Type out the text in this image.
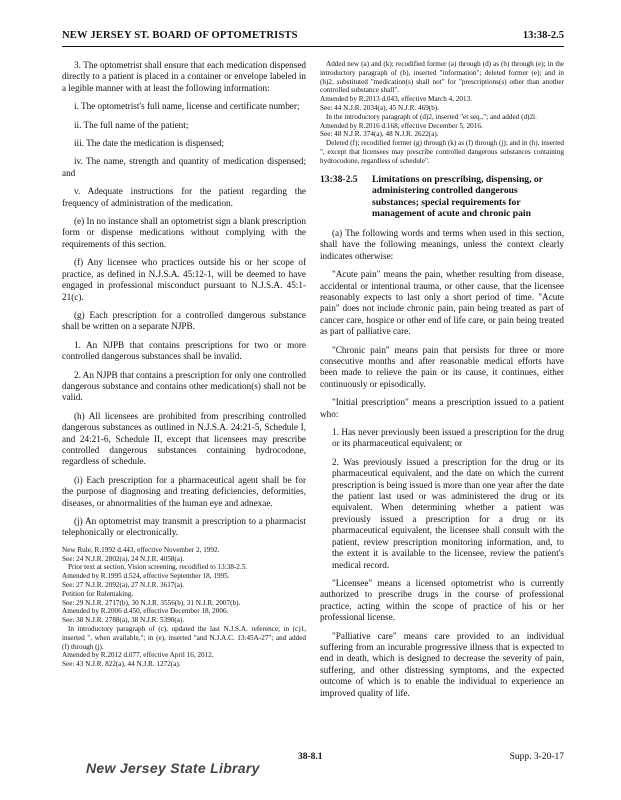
NEW JERSEY ST. BOARD OF OPTOMETRISTS	13:38-2.5

3. The optometrist shall ensure that each medication dispensed directly to a patient is placed in a container or envelope labeled in a legible manner with at least the following information:

i. The optometrist's full name, license and certificate number;

ii. The full name of the patient;

iii. The date the medication is dispensed;

iv. The name, strength and quantity of medication dispensed; and

v. Adequate instructions for the patient regarding the frequency of administration of the medication.

(e) In no instance shall an optometrist sign a blank prescription form or dispense medications without complying with the requirements of this section.

(f) Any licensee who practices outside his or her scope of practice, as defined in N.J.S.A. 45:12-1, will be deemed to have engaged in professional misconduct pursuant to N.J.S.A. 45:1-21(c).

(g) Each prescription for a controlled dangerous substance shall be written on a separate NJPB.

1. An NJPB that contains prescriptions for two or more controlled dangerous substances shall be invalid.

2. An NJPB that contains a prescription for only one controlled dangerous substance and contains other medication(s) shall not be valid.

(h) All licensees are prohibited from prescribing controlled dangerous substances as outlined in N.J.S.A. 24:21-5, Schedule I, and 24:21-6, Schedule II, except that licensees may prescribe controlled dangerous substances containing hydrocodone, regardless of schedule.

(i) Each prescription for a pharmaceutical agent shall be for the purpose of diagnosing and treating deficiencies, deformities, diseases, or abnormalities of the human eye and adnexae.

(j) An optometrist may transmit a prescription to a pharmacist telephonically or electronically.

New Rule, R.1992 d.443, effective November 2, 1992.
See: 24 N.J.R. 2802(a), 24 N.J.R. 4058(a).
Prior text at section, Vision screening, recodified to 13:38-2.5.
Amended by R.1995 d.524, effective September 18, 1995.
See: 27 N.J.R. 2092(a), 27 N.J.R. 3617(a).
Petition for Rulemaking.
See: 29 N.J.R. 2717(b), 30 N.J.R. 3556(b), 31 N.J.R. 2007(b).
Amended by R.2006 d.450, effective December 18, 2006.
See: 38 N.J.R. 2788(a), 38 N.J.R. 5390(a).
In introductory paragraph of (c), updated the last N.J.S.A. reference; in (c)1, inserted ", when available,"; in (e), inserted "and N.J.A.C. 13:45A-27"; and added (f) through (j).
Amended by R.2012 d.077, effective April 16, 2012.
See: 43 N.J.R. 822(a), 44 N.J.R. 1272(a).
Added new (a) and (k); recodified former (a) through (d) as (b) through (e); in the introductory paragraph of (b), inserted "information"; deleted former (e); and in (h)2, substituted "medication(s) shall not" for "prescriptions(s) other than another controlled substance shall".
Amended by R.2013 d.043, effective March 4, 2013.
See: 44 N.J.R. 2034(a), 45 N.J.R. 469(b).
In the introductory paragraph of (d)2, inserted "et seq.,"; and added (d)2i.
Amended by R.2016 d.168, effective December 5, 2016.
See: 48 N.J.R. 374(a), 48 N.J.R. 2622(a).
Deleted (f); recodified former (g) through (k) as (f) through (j); and in (h), inserted ", except that licensees may prescribe controlled dangerous substances containing hydrocodone, regardless of schedule".
13:38-2.5	Limitations on prescribing, dispensing, or administering controlled dangerous substances; special requirements for management of acute and chronic pain

(a) The following words and terms when used in this section, shall have the following meanings, unless the context clearly indicates otherwise:

"Acute pain" means the pain, whether resulting from disease, accidental or intentional trauma, or other cause, that the licensee reasonably expects to last only a short period of time. "Acute pain" does not include chronic pain, pain being treated as part of cancer care, hospice or other end of life care, or pain being treated as part of palliative care.

"Chronic pain" means pain that persists for three or more consecutive months and after reasonable medical efforts have been made to relieve the pain or its cause, it continues, either continuously or episodically.

"Initial prescription" means a prescription issued to a patient who:

1. Has never previously been issued a prescription for the drug or its pharmaceutical equivalent; or

2. Was previously issued a prescription for the drug or its pharmaceutical equivalent, and the date on which the current prescription is being issued is more than one year after the date the patient last used or was administered the drug or its equivalent. When determining whether a patient was previously issued a prescription for a drug or its pharmaceutical equivalent, the licensee shall consult with the patient, review prescription monitoring information, and, to the extent it is available to the licensee, review the patient's medical record.

"Licensee" means a licensed optometrist who is currently authorized to prescribe drugs in the course of professional practice, acting within the scope of practice of his or her professional license.

"Palliative care" means care provided to an individual suffering from an incurable progressive illness that is expected to end in death, which is designed to decrease the severity of pain, suffering, and other distressing symptoms, and the expected outcome of which is to enable the individual to experience an improved quality of life.

New Jersey State Library
38-8.1	Supp. 3-20-17
